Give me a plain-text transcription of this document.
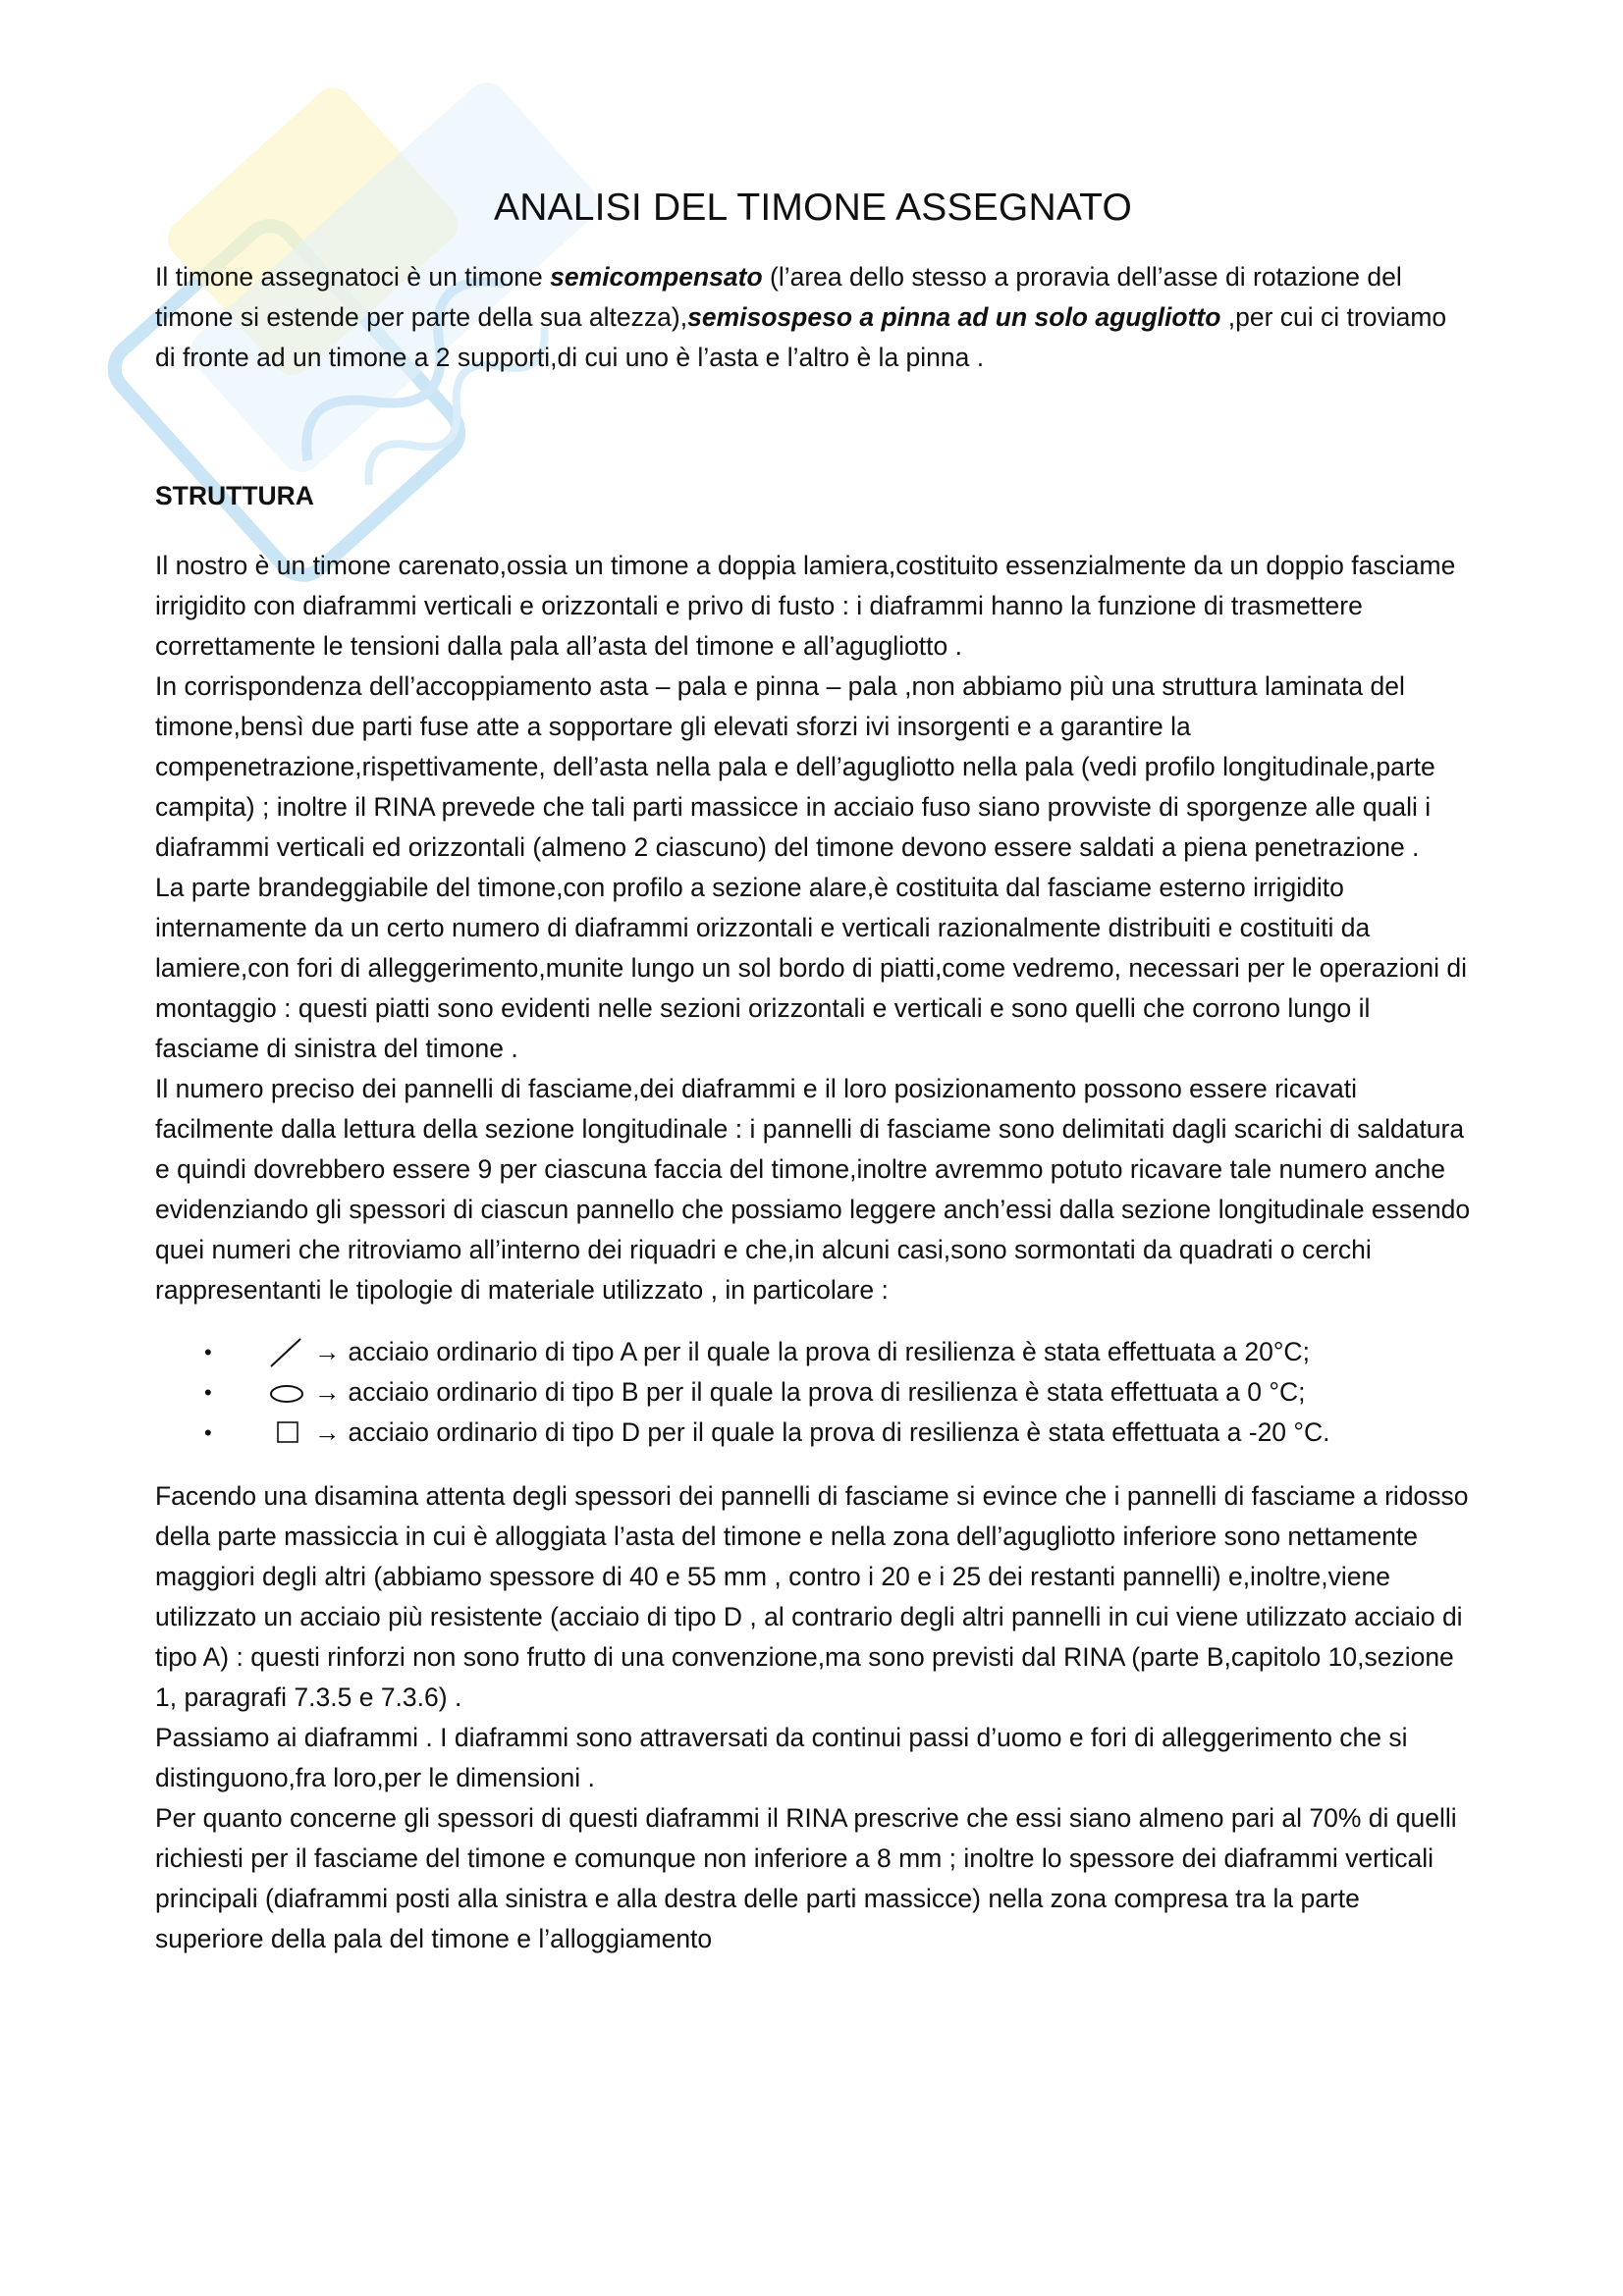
ANALISI DEL TIMONE ASSEGNATO

Il timone assegnatoci è un timone semicompensato (l’area dello stesso a proravia dell’asse di rotazione del timone si estende per parte della sua altezza),semisospeso a pinna ad un solo agugliotto ,per cui ci troviamo di fronte ad un timone a 2 supporti,di cui uno è l’asta e l’altro è la pinna .

STRUTTURA

Il nostro è un timone carenato,ossia un timone a doppia lamiera,costituito essenzialmente da un doppio fasciame irrigidito con diaframmi verticali e orizzontali e privo di fusto : i diaframmi hanno la funzione di trasmettere correttamente le tensioni dalla pala all’asta del timone e all’agugliotto .

In corrispondenza dell’accoppiamento asta – pala e pinna – pala ,non abbiamo più una struttura laminata del timone,bensì due parti fuse atte a sopportare gli elevati sforzi ivi insorgenti e a garantire la compenetrazione,rispettivamente, dell’asta nella pala e dell’agugliotto nella pala (vedi profilo longitudinale,parte campita) ; inoltre il RINA prevede che tali parti massicce in acciaio fuso siano provviste di sporgenze alle quali i diaframmi verticali ed orizzontali (almeno 2 ciascuno) del timone devono essere saldati a piena penetrazione .

La parte brandeggiabile del timone,con profilo a sezione alare,è costituita dal fasciame esterno irrigidito internamente da un certo numero di diaframmi orizzontali e verticali razionalmente distribuiti e costituiti da lamiere,con fori di alleggerimento,munite lungo un sol bordo di piatti,come vedremo, necessari per le operazioni di montaggio : questi piatti sono evidenti nelle sezioni orizzontali e verticali e sono quelli che corrono lungo il fasciame di sinistra del timone .

Il numero preciso dei pannelli di fasciame,dei diaframmi e il loro posizionamento possono essere ricavati facilmente dalla lettura della sezione longitudinale : i pannelli di fasciame sono delimitati dagli scarichi di saldatura e quindi dovrebbero essere 9 per ciascuna faccia del timone,inoltre avremmo potuto ricavare tale numero anche evidenziando gli spessori di ciascun pannello che possiamo leggere anch’essi dalla sezione longitudinale essendo quei numeri che ritroviamo all’interno dei riquadri e che,in alcuni casi,sono sormontati da quadrati o cerchi rappresentanti le tipologie di materiale utilizzato , in particolare :

•	→ acciaio ordinario di tipo A per il quale la prova di resilienza è stata effettuata a 20°C;
•	→ acciaio ordinario di tipo B per il quale la prova di resilienza è stata effettuata a 0 °C;
•	→ acciaio ordinario di tipo D per il quale la prova di resilienza è stata effettuata a -20 °C.

Facendo una disamina attenta degli spessori dei pannelli di fasciame si evince che i pannelli di fasciame a ridosso della parte massiccia in cui è alloggiata l’asta del timone e nella zona dell’agugliotto inferiore sono nettamente maggiori degli altri (abbiamo spessore di 40 e 55 mm , contro i 20 e i 25 dei restanti pannelli) e,inoltre,viene utilizzato un acciaio più resistente (acciaio di tipo D , al contrario degli altri pannelli in cui viene utilizzato acciaio di tipo A) : questi rinforzi non sono frutto di una convenzione,ma sono previsti dal RINA (parte B,capitolo 10,sezione 1, paragrafi 7.3.5 e 7.3.6) .

Passiamo ai diaframmi . I diaframmi sono attraversati da continui passi d’uomo e fori di alleggerimento che si distinguono,fra loro,per le dimensioni .

Per quanto concerne gli spessori di questi diaframmi il RINA prescrive che essi siano almeno pari al 70% di quelli richiesti per il fasciame del timone e comunque non inferiore a 8 mm ; inoltre lo spessore dei diaframmi verticali principali (diaframmi posti alla sinistra e alla destra delle parti massicce) nella zona compresa tra la parte superiore della pala del timone e l’alloggiamento
